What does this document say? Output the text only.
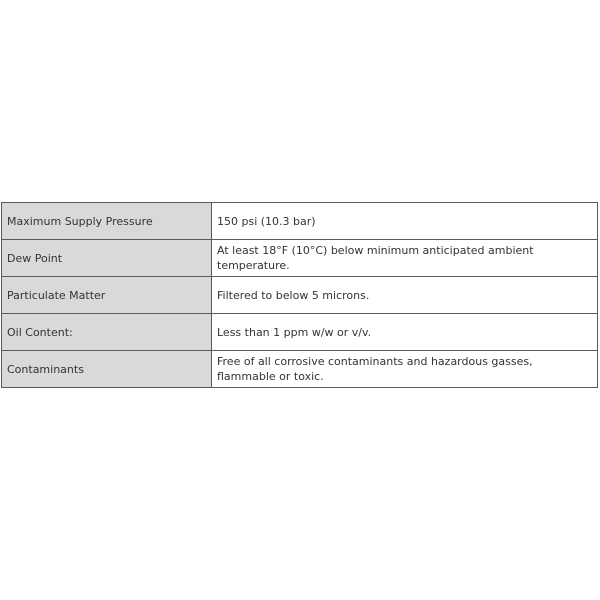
Maximum Supply Pressure	150 psi (10.3 bar)
Dew Point	At least 18°F (10°C) below minimum anticipated ambient temperature.
Particulate Matter	Filtered to below 5 microns.
Oil Content:	Less than 1 ppm w/w or v/v.
Contaminants	Free of all corrosive contaminants and hazardous gasses, flammable or toxic.
